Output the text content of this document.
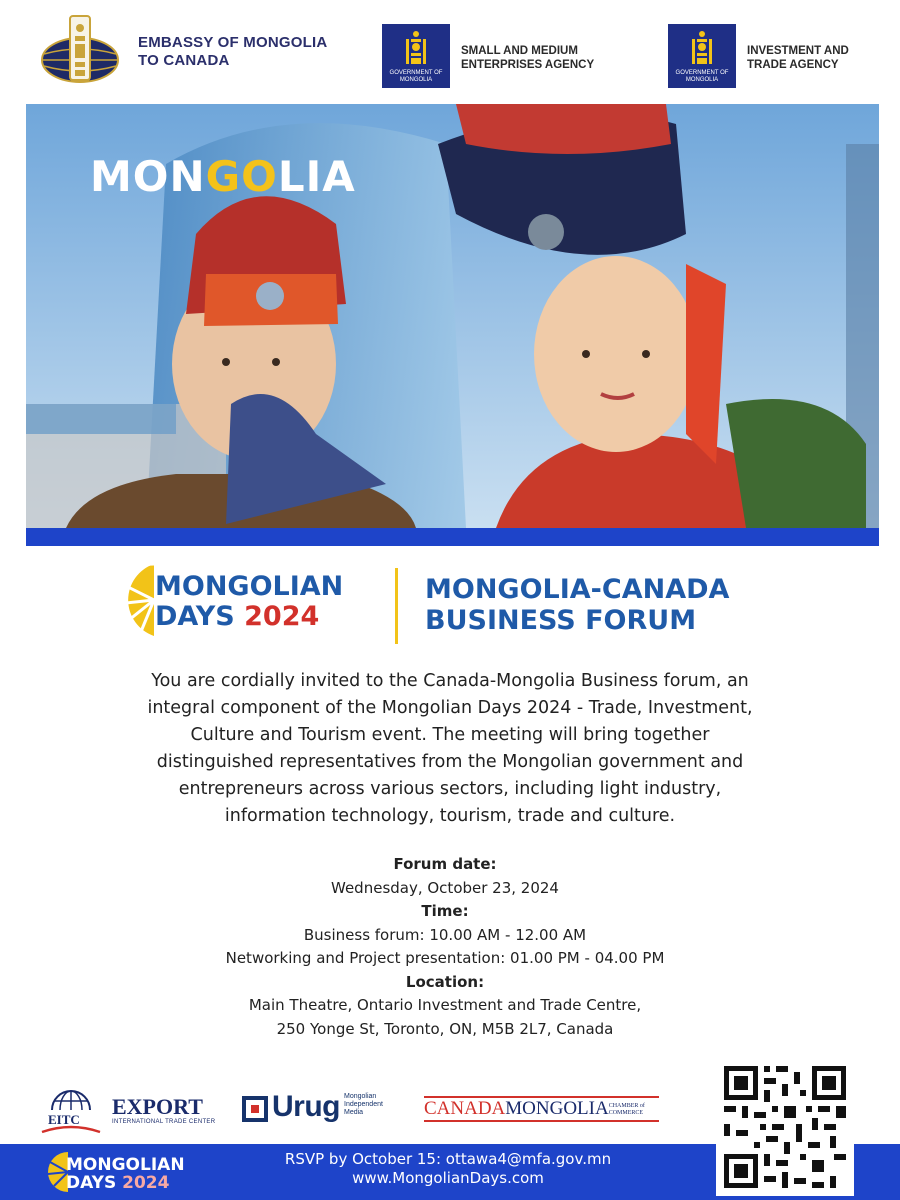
EMBASSY OF MONGOLIA
TO CANADA
GOVERNMENT OF
MONGOLIA
SMALL AND MEDIUM
ENTERPRISES AGENCY
GOVERNMENT OF
MONGOLIA
INVESTMENT AND
TRADE AGENCY
MONGOLIA
MONGOLIAN
DAYS 2024
MONGOLIA-CANADA
BUSINESS FORUM
You are cordially invited to the Canada-Mongolia Business forum, an
integral component of the Mongolian Days 2024 - Trade, Investment,
Culture and Tourism event. The meeting will bring together
distinguished representatives from the Mongolian government and
entrepreneurs across various sectors, including light industry,
information technology, tourism, trade and culture.
Forum date:
Wednesday, October 23, 2024
Time:
Business forum: 10.00 AM - 12.00 AM
Networking and Project presentation: 01.00 PM - 04.00 PM
Location:
Main Theatre, Ontario Investment and Trade Centre,
250 Yonge St, Toronto, ON, M5B 2L7, Canada
EITC
EXPORT
INTERNATIONAL TRADE CENTER Urug Mongolian
Independent
Media	CANADAMONGOLIACHAMBER of COMMERCE
MONGOLIAN
DAYS 2024
RSVP by October 15: ottawa4@mfa.gov.mn
www.MongolianDays.com
